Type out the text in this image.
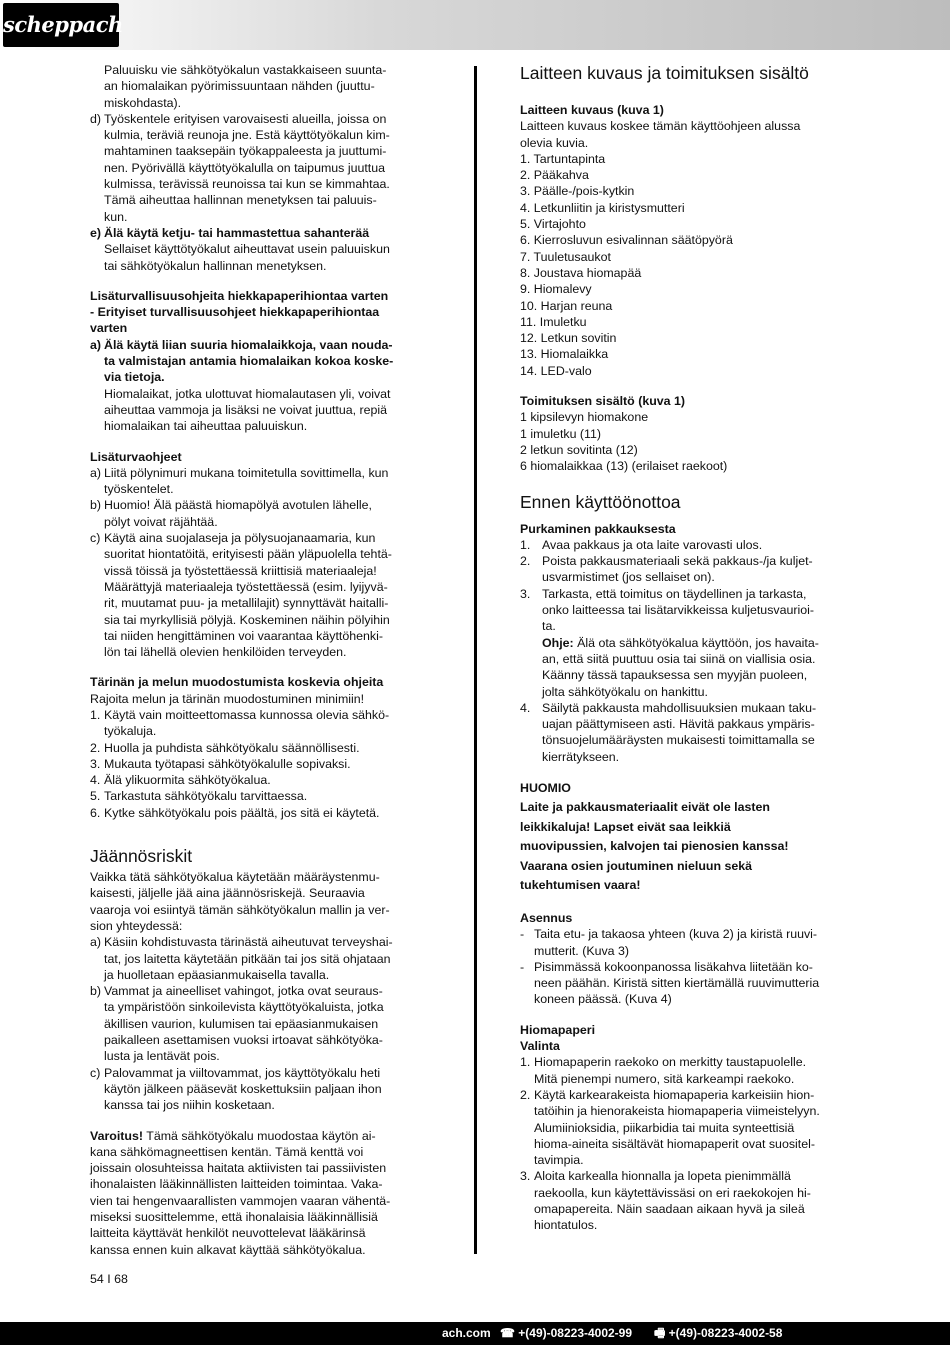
scheppach

Paluuisku vie sähkötyökalun vastakkaiseen suunta-

an hiomalaikan pyörimissuuntaan nähden (juuttu-

miskohdasta).

d) Työskentele erityisen varovaisesti alueilla, joissa on

kulmia, teräviä reunoja jne. Estä käyttötyökalun kim-

mahtaminen taaksepäin työkappaleesta ja juuttumi-

nen. Pyörivällä käyttötyökalulla on taipumus juuttua

kulmissa, terävissä reunoissa tai kun se kimmahtaa.

Tämä aiheuttaa hallinnan menetyksen tai paluuis-

kun.

e) Älä käytä ketju- tai hammastettua sahanterää

Sellaiset käyttötyökalut aiheuttavat usein paluuiskun

tai sähkötyökalun hallinnan menetyksen.

Lisäturvallisuusohjeita hiekkapaperihiontaa varten

- Erityiset turvallisuusohjeet hiekkapaperihiontaa

varten

a) Älä käytä liian suuria hiomalaikkoja, vaan nouda-

ta valmistajan antamia hiomalaikan kokoa koske-

via tietoja.

Hiomalaikat, jotka ulottuvat hiomalautasen yli, voivat

aiheuttaa vammoja ja lisäksi ne voivat juuttua, repiä

hiomalaikan tai aiheuttaa paluuiskun.

Lisäturvaohjeet

a) Liitä pölynimuri mukana toimitetulla sovittimella, kun

työskentelet.

b) Huomio! Älä päästä hiomapölyä avotulen lähelle,

pölyt voivat räjähtää.

c) Käytä aina suojalaseja ja pölysuojanaamaria, kun

suoritat hiontatöitä, erityisesti pään yläpuolella tehtä-

vissä töissä ja työstettäessä kriittisiä materiaaleja!

Määrättyjä materiaaleja työstettäessä (esim. lyijyvä-

rit, muutamat puu- ja metallilajit) synnyttävät haitalli-

sia tai myrkyllisiä pölyjä. Koskeminen näihin pölyihin

tai niiden hengittäminen voi vaarantaa käyttöhenki-

lön tai lähellä olevien henkilöiden terveyden.

Tärinän ja melun muodostumista koskevia ohjeita

Rajoita melun ja tärinän muodostuminen minimiin!

1. Käytä vain moitteettomassa kunnossa olevia sähkö-

työkaluja.

2. Huolla ja puhdista sähkötyökalu säännöllisesti.

3. Mukauta työtapasi sähkötyökalulle sopivaksi.

4. Älä ylikuormita sähkötyökalua.

5. Tarkastuta sähkötyökalu tarvittaessa.

6. Kytke sähkötyökalu pois päältä, jos sitä ei käytetä.

Jäännösriskit

Vaikka tätä sähkötyökalua käytetään määräystenmu-

kaisesti, jäljelle jää aina jäännösriskejä. Seuraavia

vaaroja voi esiintyä tämän sähkötyökalun mallin ja ver-

sion yhteydessä:

a) Käsiin kohdistuvasta tärinästä aiheutuvat terveyshai-

tat, jos laitetta käytetään pitkään tai jos sitä ohjataan

ja huolletaan epäasianmukaisella tavalla.

b) Vammat ja aineelliset vahingot, jotka ovat seuraus-

ta ympäristöön sinkoilevista käyttötyökaluista, jotka

äkillisen vaurion, kulumisen tai epäasianmukaisen

paikalleen asettamisen vuoksi irtoavat sähkötyöka-

lusta ja lentävät pois.

c) Palovammat ja viiltovammat, jos käyttötyökalu heti

käytön jälkeen pääsevät koskettuksiin paljaan ihon

kanssa tai jos niihin kosketaan.

Varoitus! Tämä sähkötyökalu muodostaa käytön ai-

kana sähkömagneettisen kentän. Tämä kenttä voi

joissain olosuhteissa haitata aktiivisten tai passiivisten

ihonalaisten lääkinnällisten laitteiden toimintaa. Vaka-

vien tai hengenvaarallisten vammojen vaaran vähentä-

miseksi suosittelemme, että ihonalaisia lääkinnällisiä

laitteita käyttävät henkilöt neuvottelevat lääkärinsä

kanssa ennen kuin alkavat käyttää sähkötyökalua.

54 I 68

Laitteen kuvaus ja toimituksen sisältö

Laitteen kuvaus (kuva 1)

Laitteen kuvaus koskee tämän käyttöohjeen alussa

olevia kuvia.

1. Tartuntapinta

2. Pääkahva

3. Päälle-/pois-kytkin

4. Letkunliitin ja kiristysmutteri

5. Virtajohto

6. Kierrosluvun esivalinnan säätöpyörä

7. Tuuletusaukot

8. Joustava hiomapää

9. Hiomalevy

10. Harjan reuna

11. Imuletku

12. Letkun sovitin

13. Hiomalaikka

14. LED-valo

Toimituksen sisältö (kuva 1)

1 kipsilevyn hiomakone

1 imuletku (11)

2 letkun sovitinta (12)

6 hiomalaikkaa (13) (erilaiset raekoot)

Ennen käyttöönottoa

Purkaminen pakkauksesta

1. Avaa pakkaus ja ota laite varovasti ulos.

2. Poista pakkausmateriaali sekä pakkaus-/ja kuljet-

usvarmistimet (jos sellaiset on).

3. Tarkasta, että toimitus on täydellinen ja tarkasta,

onko laitteessa tai lisätarvikkeissa kuljetusvaurioi-

ta.

Ohje: Älä ota sähkötyökalua käyttöön, jos havaita-

an, että siitä puuttuu osia tai siinä on viallisia osia.

Käänny tässä tapauksessa sen myyjän puoleen,

jolta sähkötyökalu on hankittu.

4. Säilytä pakkausta mahdollisuuksien mukaan taku-

uajan päättymiseen asti. Hävitä pakkaus ympäris-

tönsuojelumääräysten mukaisesti toimittamalla se

kierrätykseen.

HUOMIO

Laite ja pakkausmateriaalit eivät ole lasten

leikkikaluja! Lapset eivät saa leikkiä

muovipussien, kalvojen tai pienosien kanssa!

Vaarana osien joutuminen nieluun sekä

tukehtumisen vaara!

Asennus

- Taita etu- ja takaosa yhteen (kuva 2) ja kiristä ruuvi-

mutterit. (Kuva 3)

- Pisimmässä kokoonpanossa lisäkahva liitetään ko-

neen päähän. Kiristä sitten kiertämällä ruuvimutteria

koneen päässä. (Kuva 4)

Hiomapaperi

Valinta

1. Hiomapaperin raekoko on merkitty taustapuolelle.

Mitä pienempi numero, sitä karkeampi raekoko.

2. Käytä karkearakeista hiomapaperia karkeisiin hion-

tatöihin ja hienorakeista hiomapaperia viimeistelyyn.

Alumiinioksidia, piikarbidia tai muita synteettisiä

hioma-aineita sisältävät hiomapaperit ovat suositel-

tavimpia.

3. Aloita karkealla hionnalla ja lopeta pienimmällä

raekoolla, kun käytettävissäsi on eri raekokojen hi-

omapapereita. Näin saadaan aikaan hyvä ja sileä

hiontatulos.

ach.com ☎ +(49)-08223-4002-99 🖷 +(49)-08223-4002-58
